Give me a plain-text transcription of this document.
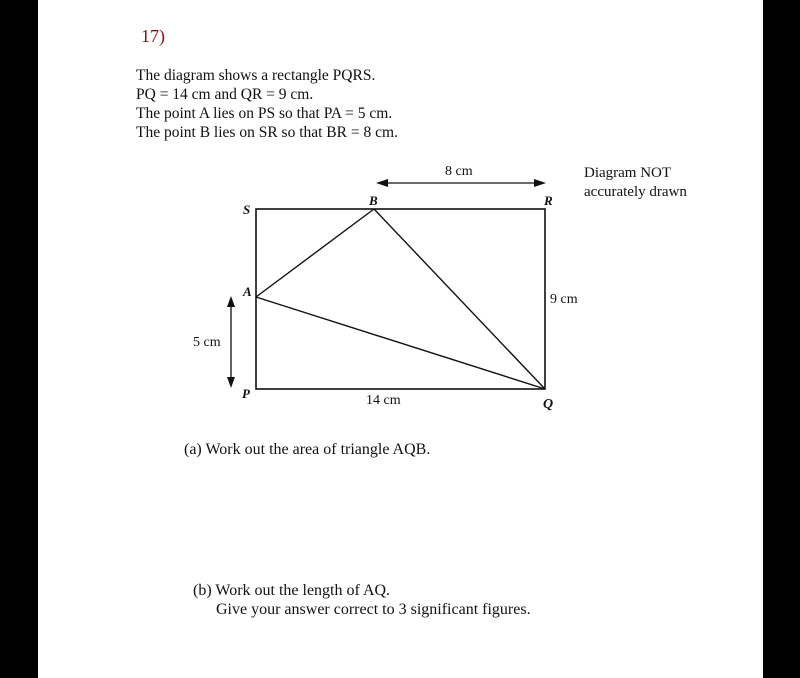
17)
The diagram shows a rectangle PQRS.
PQ = 14 cm and QR = 9 cm.
The point A lies on PS so that PA = 5 cm.
The point B lies on SR so that BR = 8 cm.
Diagram NOT
accurately drawn
S
B	R
A
P
Q
8 cm
9 cm
5 cm
14 cm
(a) Work out the area of triangle AQB.
(b) Work out the length of AQ.
Give your answer correct to 3 significant figures.
